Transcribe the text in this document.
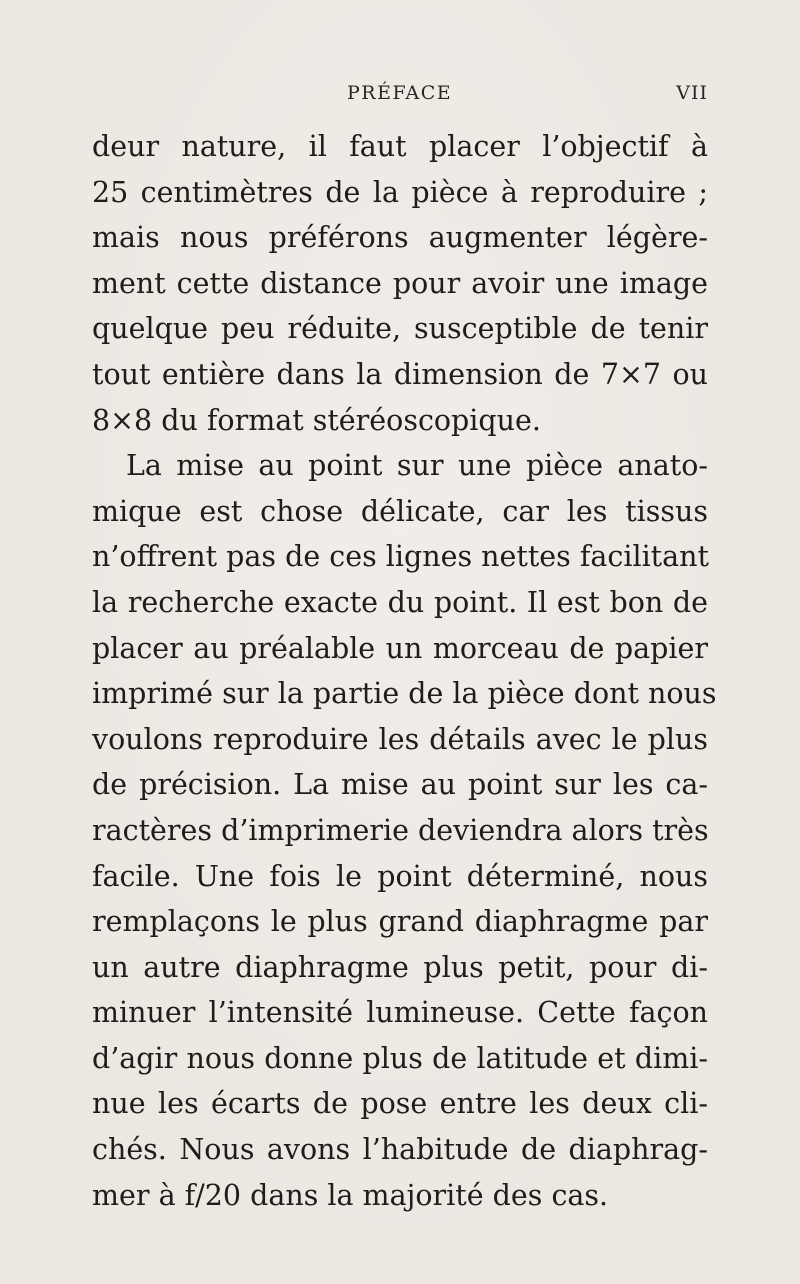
PRÉFACE	VII
deur nature, il faut placer l’objectif à
25 centimètres de la pièce à reproduire ;
mais nous préférons augmenter légère-
ment cette distance pour avoir une image
quelque peu réduite, susceptible de tenir
tout entière dans la dimension de 7×7 ou
8×8 du format stéréoscopique.
La mise au point sur une pièce anato-
mique est chose délicate, car les tissus
n’offrent pas de ces lignes nettes facilitant
la recherche exacte du point. Il est bon de
placer au préalable un morceau de papier
imprimé sur la partie de la pièce dont nous
voulons reproduire les détails avec le plus
de précision. La mise au point sur les ca-
ractères d’imprimerie deviendra alors très
facile. Une fois le point déterminé, nous
remplaçons le plus grand diaphragme par
un autre diaphragme plus petit, pour di-
minuer l’intensité lumineuse. Cette façon
d’agir nous donne plus de latitude et dimi-
nue les écarts de pose entre les deux cli-
chés. Nous avons l’habitude de diaphrag-
mer à f/20 dans la majorité des cas.
